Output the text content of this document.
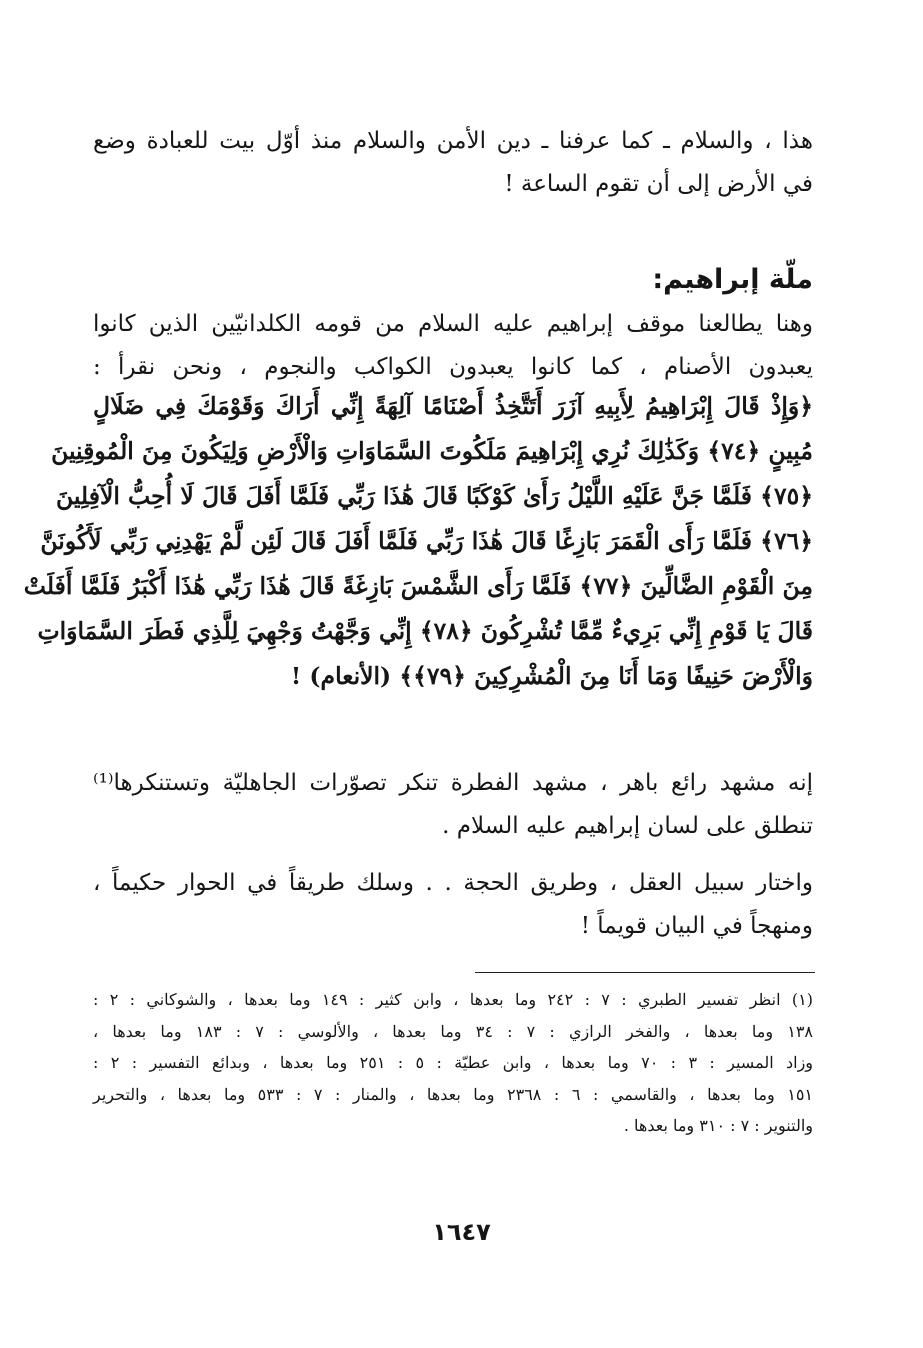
هذا ، والسلام ـ كما عرفنا ـ دين الأمن والسلام منذ أوّل بيت للعبادة وضع
في الأرض إلى أن تقوم الساعة !
ملّة إبراهيم:
وهنا يطالعنا موقف إبراهيم عليه السلام من قومه الكلدانيّين الذين كانوا
يعبدون الأصنام ، كما كانوا يعبدون الكواكب والنجوم ، ونحن نقرأ :
﴿وَإِذْ قَالَ إِبْرَاهِيمُ لِأَبِيهِ آزَرَ أَتَتَّخِذُ أَصْنَامًا آلِهَةً إِنِّي أَرَاكَ وَقَوْمَكَ فِي ضَلَالٍ
مُبِينٍ ﴿٧٤﴾ وَكَذَٰلِكَ نُرِي إِبْرَاهِيمَ مَلَكُوتَ السَّمَاوَاتِ وَالْأَرْضِ وَلِيَكُونَ مِنَ الْمُوقِنِينَ
﴿٧٥﴾ فَلَمَّا جَنَّ عَلَيْهِ اللَّيْلُ رَأَىٰ كَوْكَبًا قَالَ هَٰذَا رَبِّي فَلَمَّا أَفَلَ قَالَ لَا أُحِبُّ الْآفِلِينَ
﴿٧٦﴾ فَلَمَّا رَأَى الْقَمَرَ بَازِغًا قَالَ هَٰذَا رَبِّي فَلَمَّا أَفَلَ قَالَ لَئِن لَّمْ يَهْدِنِي رَبِّي لَأَكُونَنَّ
مِنَ الْقَوْمِ الضَّالِّينَ ﴿٧٧﴾ فَلَمَّا رَأَى الشَّمْسَ بَازِغَةً قَالَ هَٰذَا رَبِّي هَٰذَا أَكْبَرُ فَلَمَّا أَفَلَتْ
قَالَ يَا قَوْمِ إِنِّي بَرِيءٌ مِّمَّا تُشْرِكُونَ ﴿٧٨﴾ إِنِّي وَجَّهْتُ وَجْهِيَ لِلَّذِي فَطَرَ السَّمَاوَاتِ
وَالْأَرْضَ حَنِيفًا وَمَا أَنَا مِنَ الْمُشْرِكِينَ ﴿٧٩﴾﴾ (الأنعام) !
إنه مشهد رائع باهر ، مشهد الفطرة تنكر تصوّرات الجاهليّة وتستنكرها⁽¹⁾
تنطلق على لسان إبراهيم عليه السلام .
واختار سبيل العقل ، وطريق الحجة . . وسلك طريقاً في الحوار حكيماً ،
ومنهجاً في البيان قويماً !
(١) انظر تفسير الطبري : ٧ : ٢٤٢ وما بعدها ، وابن كثير : ١٤٩ وما بعدها ، والشوكاني : ٢ :
١٣٨ وما بعدها ، والفخر الرازي : ٧ : ٣٤ وما بعدها ، والألوسي : ٧ : ١٨٣ وما بعدها ،
وزاد المسير : ٣ : ٧٠ وما بعدها ، وابن عطيّة : ٥ : ٢٥١ وما بعدها ، وبدائع التفسير : ٢ :
١٥١ وما بعدها ، والقاسمي : ٦ : ٢٣٦٨ وما بعدها ، والمنار : ٧ : ٥٣٣ وما بعدها ، والتحرير
والتنوير : ٧ : ٣١٠ وما بعدها .
١٦٤٧
